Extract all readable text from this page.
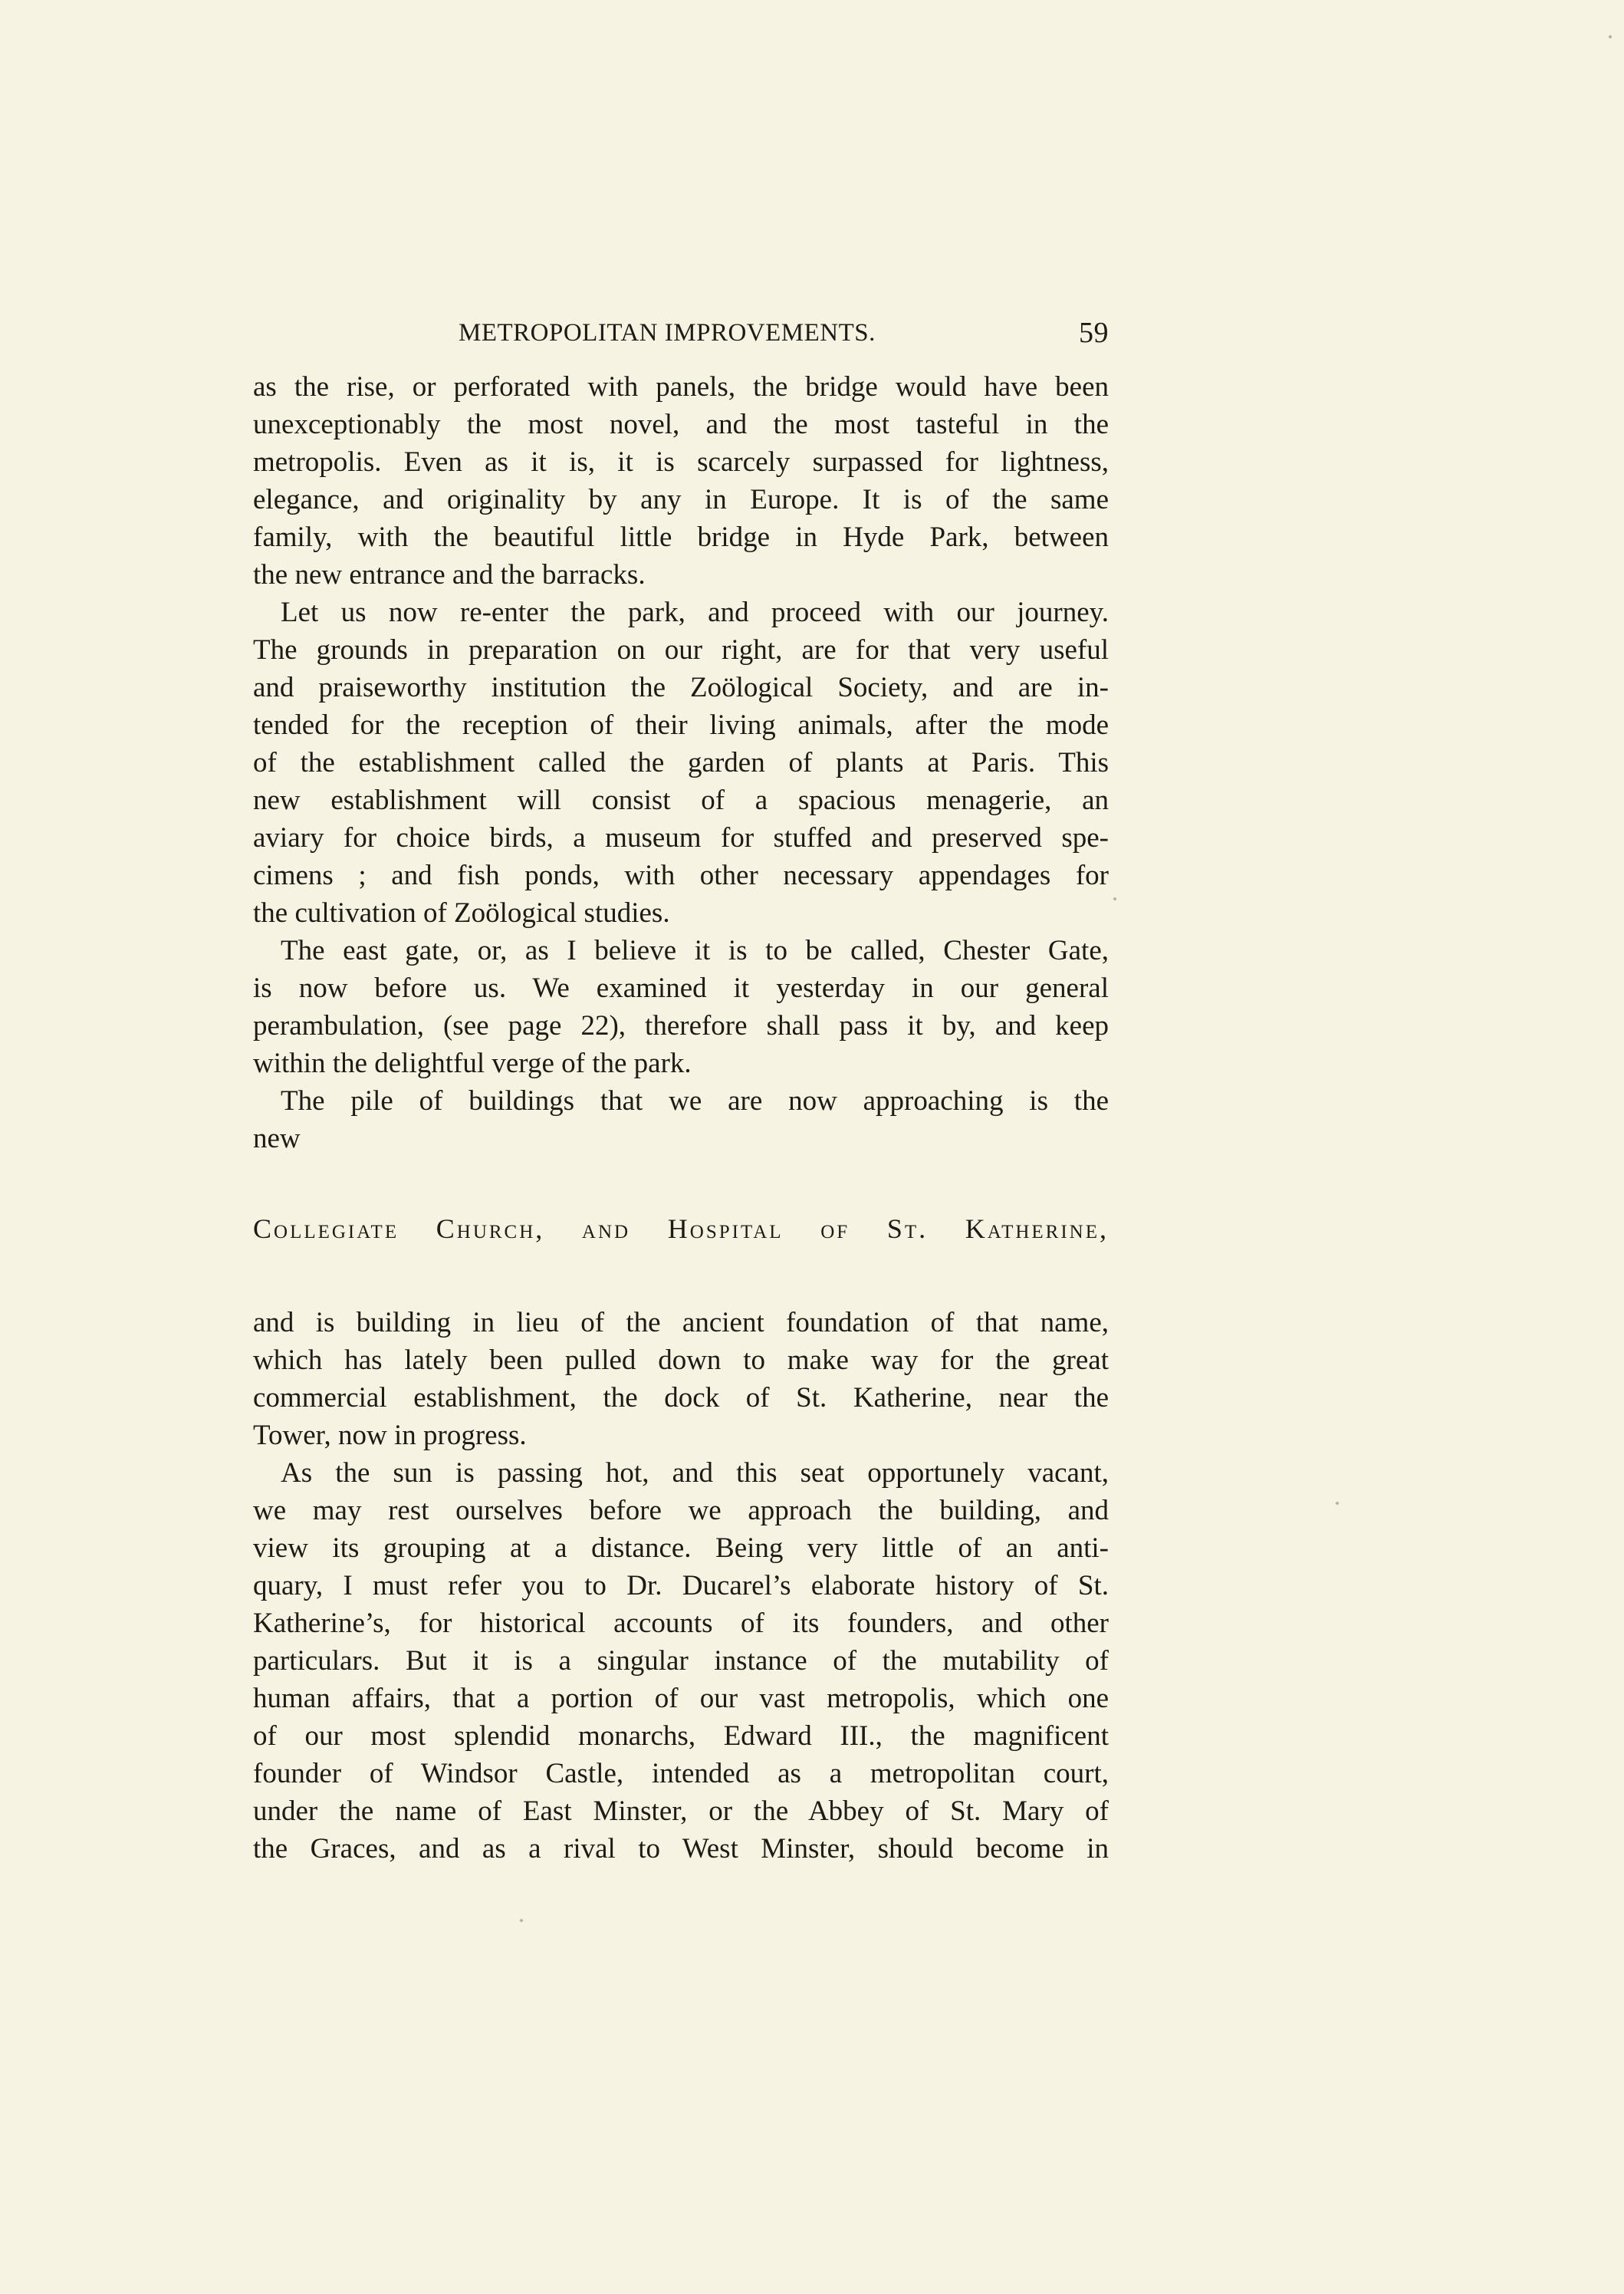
METROPOLITAN IMPROVEMENTS.	59
as the rise, or perforated with panels, the bridge would have been
unexceptionably the most novel, and the most tasteful in the
metropolis. Even as it is, it is scarcely surpassed for lightness,
elegance, and originality by any in Europe. It is of the same
family, with the beautiful little bridge in Hyde Park, between
the new entrance and the barracks.
Let us now re-enter the park, and proceed with our journey.
The grounds in preparation on our right, are for that very useful
and praiseworthy institution the Zoölogical Society, and are in-
tended for the reception of their living animals, after the mode
of the establishment called the garden of plants at Paris. This
new establishment will consist of a spacious menagerie, an
aviary for choice birds, a museum for stuffed and preserved spe-
cimens ; and fish ponds, with other necessary appendages for
the cultivation of Zoölogical studies.
The east gate, or, as I believe it is to be called, Chester Gate,
is now before us. We examined it yesterday in our general
perambulation, (see page 22), therefore shall pass it by, and keep
within the delightful verge of the park.
The pile of buildings that we are now approaching is the
new
Collegiate Church, and Hospital of St. Katherine,
and is building in lieu of the ancient foundation of that name,
which has lately been pulled down to make way for the great
commercial establishment, the dock of St. Katherine, near the
Tower, now in progress.
As the sun is passing hot, and this seat opportunely vacant,
we may rest ourselves before we approach the building, and
view its grouping at a distance. Being very little of an anti-
quary, I must refer you to Dr. Ducarel’s elaborate history of St.
Katherine’s, for historical accounts of its founders, and other
particulars. But it is a singular instance of the mutability of
human affairs, that a portion of our vast metropolis, which one
of our most splendid monarchs, Edward III., the magnificent
founder of Windsor Castle, intended as a metropolitan court,
under the name of East Minster, or the Abbey of St. Mary of
the Graces, and as a rival to West Minster, should become in
